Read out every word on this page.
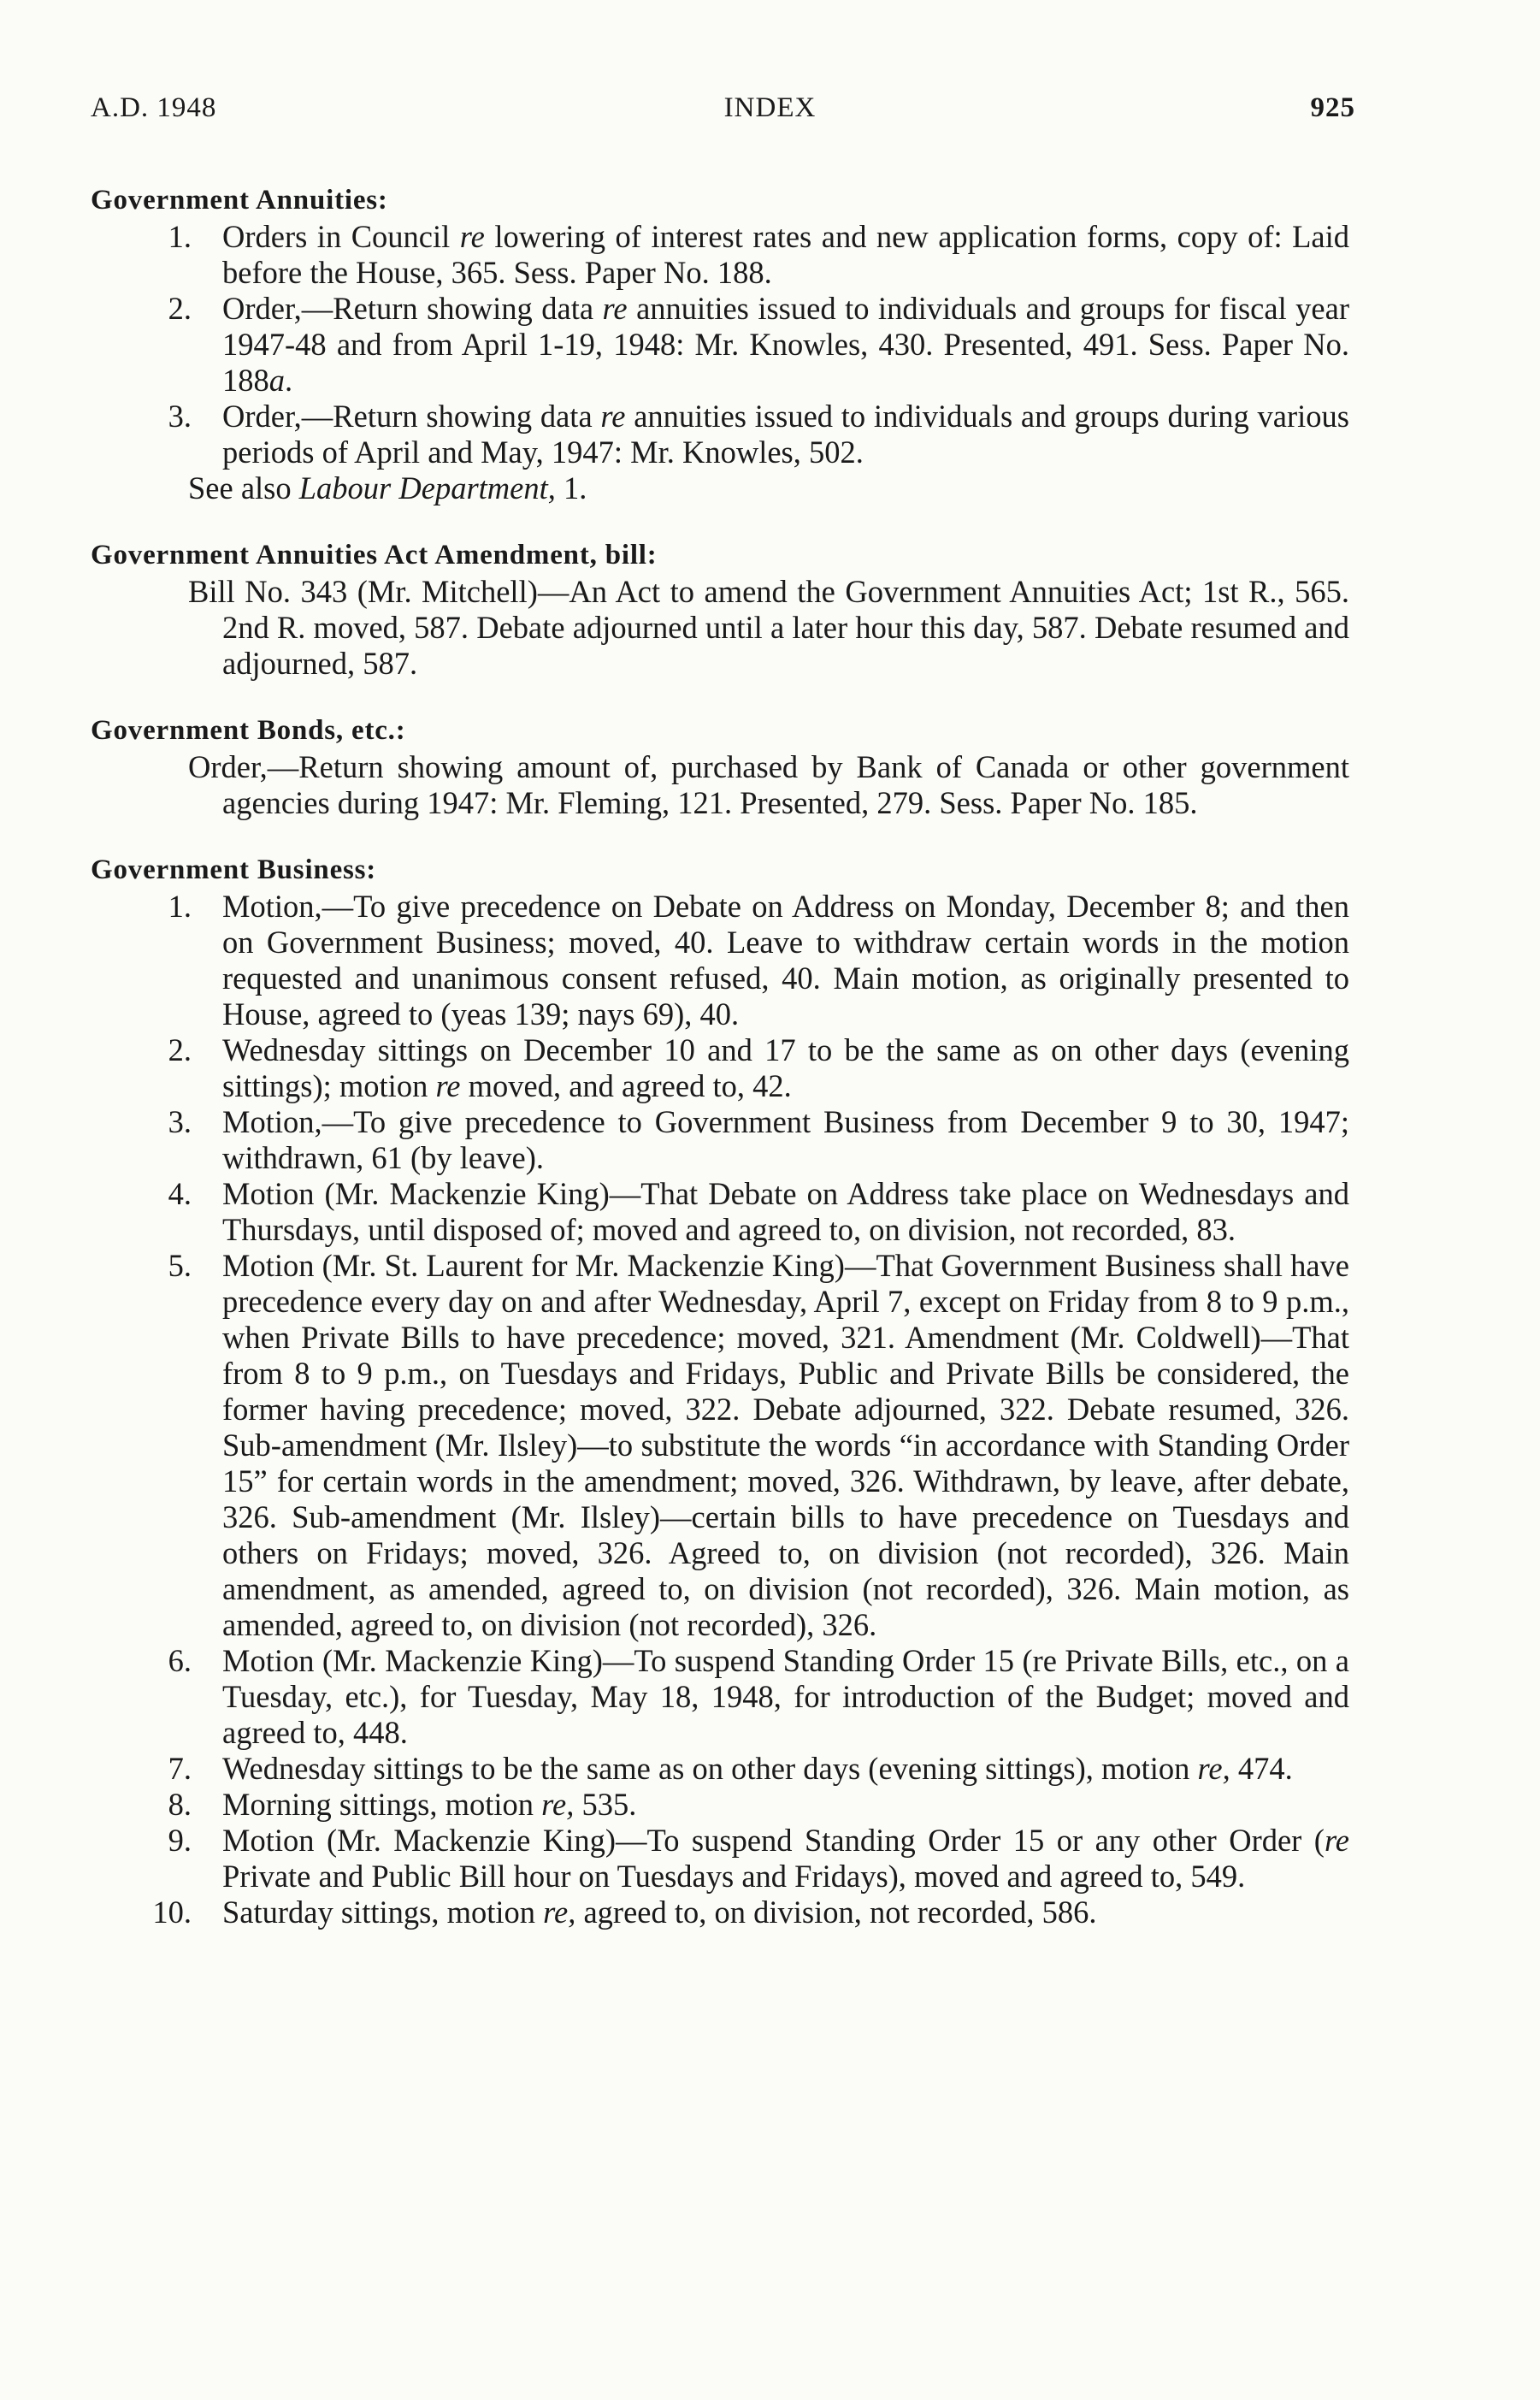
A.D. 1948	INDEX	925
Government Annuities:
1. Orders in Council re lowering of interest rates and new application forms, copy of: Laid before the House, 365. Sess. Paper No. 188.
2. Order,—Return showing data re annuities issued to individuals and groups for fiscal year 1947-48 and from April 1-19, 1948: Mr. Knowles, 430. Presented, 491. Sess. Paper No. 188a.
3. Order,—Return showing data re annuities issued to individuals and groups during various periods of April and May, 1947: Mr. Knowles, 502.
See also Labour Department, 1.
Government Annuities Act Amendment, bill:
Bill No. 343 (Mr. Mitchell)—An Act to amend the Government Annuities Act; 1st R., 565. 2nd R. moved, 587. Debate adjourned until a later hour this day, 587. Debate resumed and adjourned, 587.
Government Bonds, etc.:
Order,—Return showing amount of, purchased by Bank of Canada or other government agencies during 1947: Mr. Fleming, 121. Presented, 279. Sess. Paper No. 185.
Government Business:
1. Motion,—To give precedence on Debate on Address on Monday, December 8; and then on Government Business; moved, 40. Leave to withdraw certain words in the motion requested and unanimous consent refused, 40. Main motion, as originally presented to House, agreed to (yeas 139; nays 69), 40.
2. Wednesday sittings on December 10 and 17 to be the same as on other days (evening sittings); motion re moved, and agreed to, 42.
3. Motion,—To give precedence to Government Business from December 9 to 30, 1947; withdrawn, 61 (by leave).
4. Motion (Mr. Mackenzie King)—That Debate on Address take place on Wednesdays and Thursdays, until disposed of; moved and agreed to, on division, not recorded, 83.
5. Motion (Mr. St. Laurent for Mr. Mackenzie King)—That Government Business shall have precedence every day on and after Wednesday, April 7, except on Friday from 8 to 9 p.m., when Private Bills to have precedence; moved, 321. Amendment (Mr. Coldwell)—That from 8 to 9 p.m., on Tuesdays and Fridays, Public and Private Bills be considered, the former having precedence; moved, 322. Debate adjourned, 322. Debate resumed, 326. Sub-amendment (Mr. Ilsley)—to substitute the words “in accordance with Standing Order 15” for certain words in the amendment; moved, 326. Withdrawn, by leave, after debate, 326. Sub-amendment (Mr. Ilsley)—certain bills to have precedence on Tuesdays and others on Fridays; moved, 326. Agreed to, on division (not recorded), 326. Main amendment, as amended, agreed to, on division (not recorded), 326. Main motion, as amended, agreed to, on division (not recorded), 326.
6. Motion (Mr. Mackenzie King)—To suspend Standing Order 15 (re Private Bills, etc., on a Tuesday, etc.), for Tuesday, May 18, 1948, for introduction of the Budget; moved and agreed to, 448.
7. Wednesday sittings to be the same as on other days (evening sittings), motion re, 474.
8. Morning sittings, motion re, 535.
9. Motion (Mr. Mackenzie King)—To suspend Standing Order 15 or any other Order (re Private and Public Bill hour on Tuesdays and Fridays), moved and agreed to, 549.
10. Saturday sittings, motion re, agreed to, on division, not recorded, 586.
